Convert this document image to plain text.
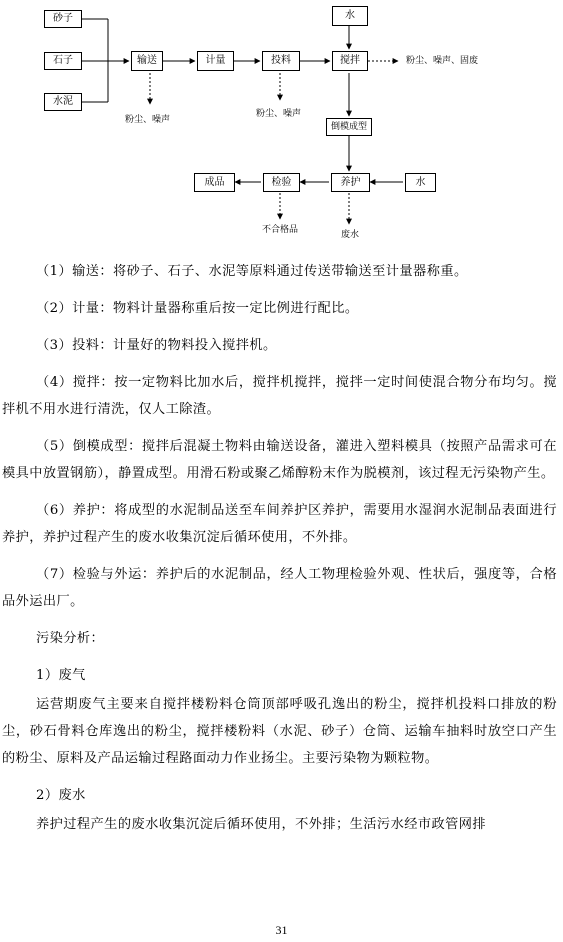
砂子
石子
水泥
输送	计量	投料	搅拌
水
倒模成型
养护	水
检验
成品
粉尘、噪声
粉尘、噪声
粉尘、噪声、固废
不合格品	废水

（1）输送：将砂子、石子、水泥等原料通过传送带输送至计量器称重。

（2）计量：物料计量器称重后按一定比例进行配比。

（3）投料：计量好的物料投入搅拌机。

（4）搅拌：按一定物料比加水后，搅拌机搅拌，搅拌一定时间使混合物分布均匀。搅拌机不用水进行清洗，仅人工除渣。

（5）倒模成型：搅拌后混凝土物料由输送设备，灌进入塑料模具（按照产品需求可在模具中放置钢筋），静置成型。用滑石粉或聚乙烯醇粉末作为脱模剂，该过程无污染物产生。

（6）养护：将成型的水泥制品送至车间养护区养护，需要用水湿润水泥制品表面进行养护，养护过程产生的废水收集沉淀后循环使用，不外排。

（7）检验与外运：养护后的水泥制品，经人工物理检验外观、性状后，强度等，合格品外运出厂。

污染分析：

1）废气

运营期废气主要来自搅拌楼粉料仓筒顶部呼吸孔逸出的粉尘，搅拌机投料口排放的粉尘，砂石骨料仓库逸出的粉尘，搅拌楼粉料（水泥、砂子）仓筒、运输车抽料时放空口产生的粉尘、原料及产品运输过程路面动力作业扬尘。主要污染物为颗粒物。

2）废水

养护过程产生的废水收集沉淀后循环使用，不外排；生活污水经市政管网排

31
